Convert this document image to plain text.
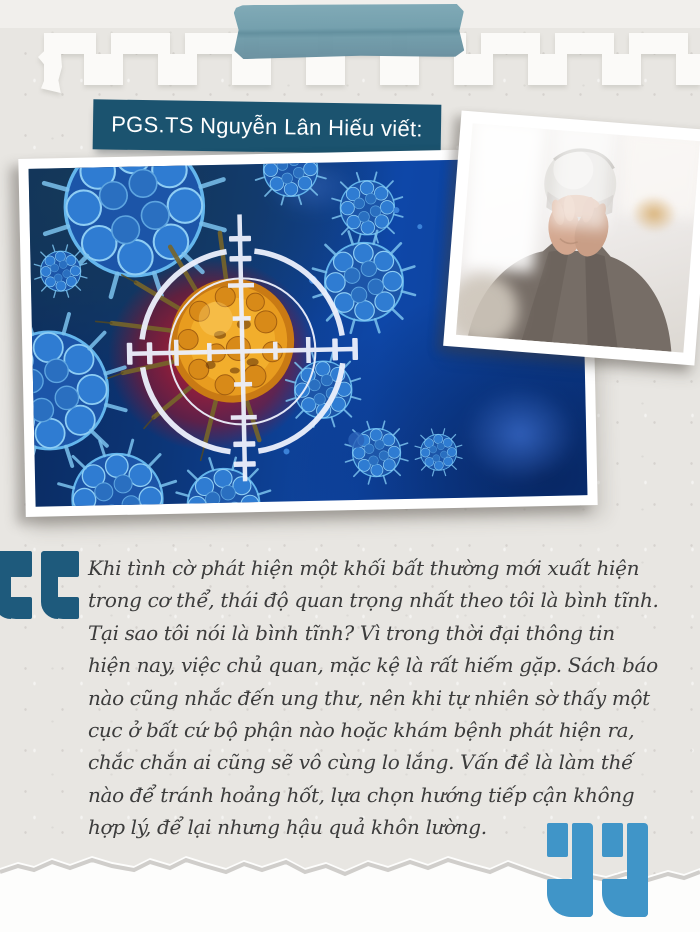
PGS.TS Nguyễn Lân Hiếu viết:
Khi tình cờ phát hiện một khối bất thường mới xuất hiện
trong cơ thể, thái độ quan trọng nhất theo tôi là bình tĩnh.
Tại sao tôi nói là bình tĩnh? Vì trong thời đại thông tin
hiện nay, việc chủ quan, mặc kệ là rất hiếm gặp. Sách báo
nào cũng nhắc đến ung thư, nên khi tự nhiên sờ thấy một
cục ở bất cứ bộ phận nào hoặc khám bệnh phát hiện ra,
chắc chắn ai cũng sẽ vô cùng lo lắng. Vấn đề là làm thế
nào để tránh hoảng hốt, lựa chọn hướng tiếp cận không
hợp lý, để lại nhưng hậu quả khôn lường.
